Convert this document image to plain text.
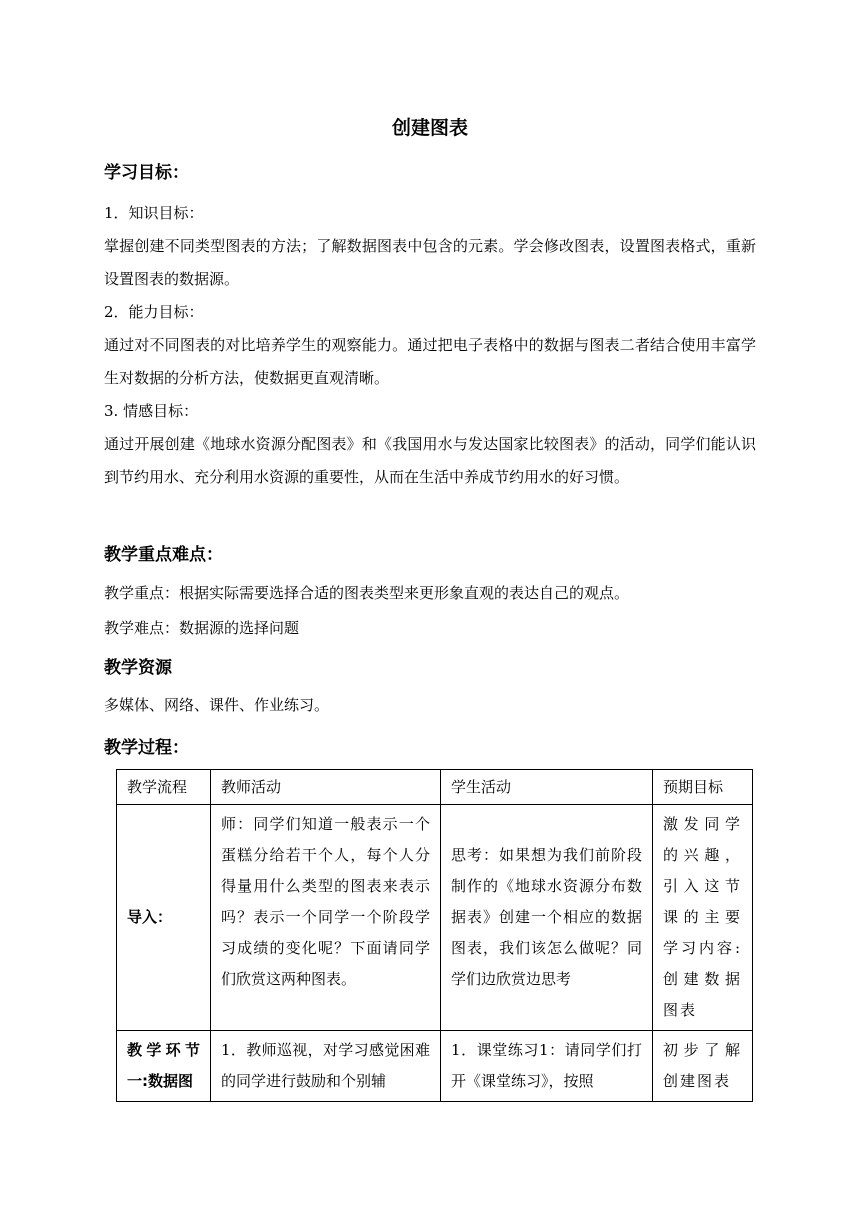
创建图表
学习目标：
1．知识目标：
掌握创建不同类型图表的方法；了解数据图表中包含的元素。学会修改图表，设置图表格式，重新设置图表的数据源。
2．能力目标：
通过对不同图表的对比培养学生的观察能力。通过把电子表格中的数据与图表二者结合使用丰富学生对数据的分析方法，使数据更直观清晰。
3. 情感目标：
通过开展创建《地球水资源分配图表》和《我国用水与发达国家比较图表》的活动，同学们能认识到节约用水、充分利用水资源的重要性，从而在生活中养成节约用水的好习惯。
教学重点难点：
教学重点：根据实际需要选择合适的图表类型来更形象直观的表达自己的观点。
教学难点：数据源的选择问题
教学资源
多媒体、网络、课件、作业练习。
教学过程：
教学流程	教师活动	学生活动	预期目标
导入：	师：同学们知道一般表示一个蛋糕分给若干个人，每个人分得量用什么类型的图表来表示吗？表示一个同学一个阶段学习成绩的变化呢？下面请同学们欣赏这两种图表。	思考：如果想为我们前阶段制作的《地球水资源分布数据表》创建一个相应的数据图表，我们该怎么做呢？同学们边欣赏边思考	激发同学的兴趣，引入这节课的主要学习内容:创建数据图表
教学环节一:数据图	1．教师巡视，对学习感觉困难的同学进行鼓励和个别辅	1．课堂练习1：请同学们打开《课堂练习》，按照	初步了解创建图表
